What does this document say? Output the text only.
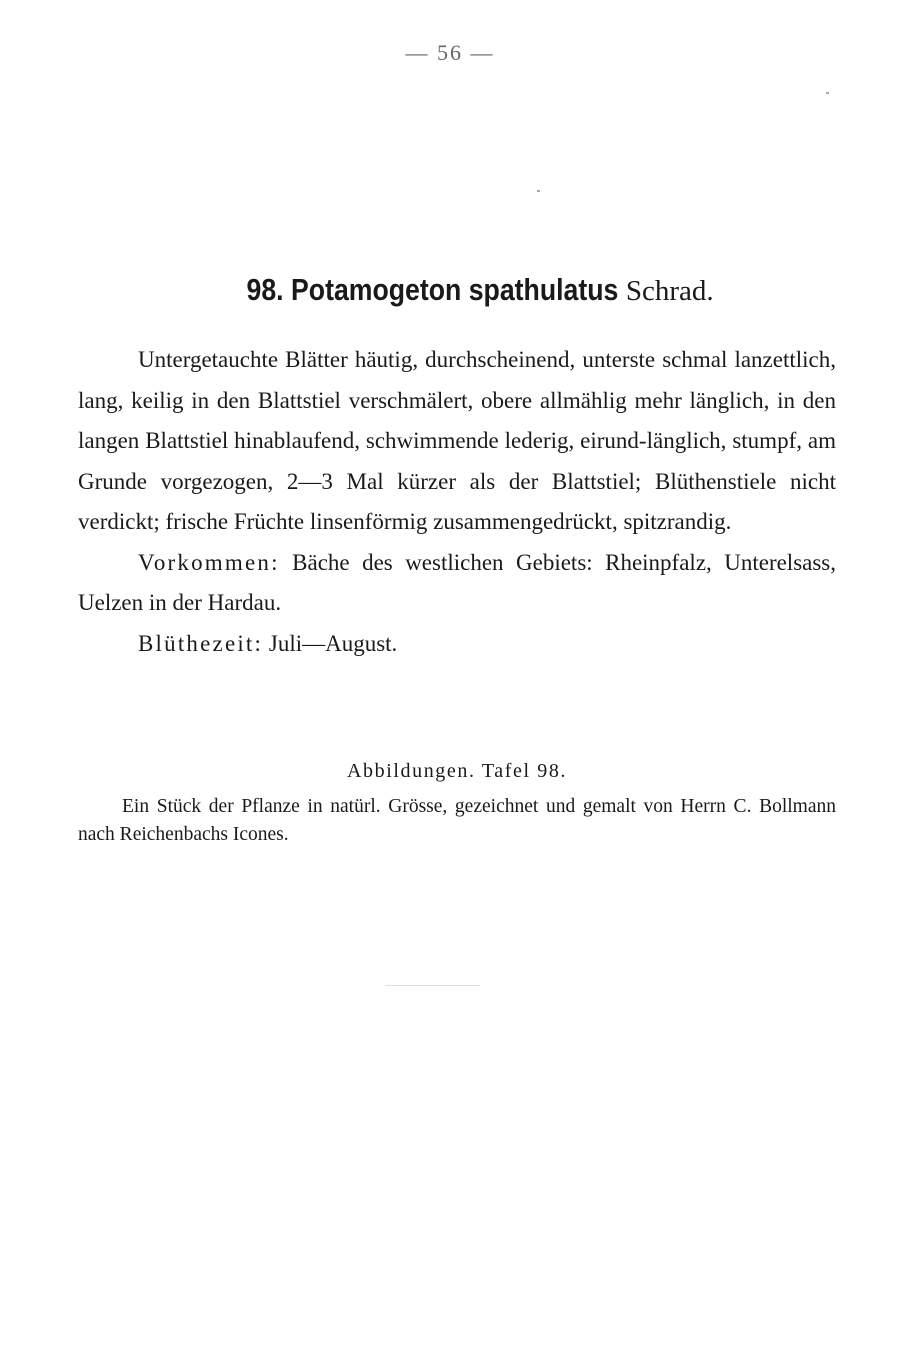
— 56 —
98. Potamogeton spathulatus Schrad.

Untergetauchte Blätter häutig, durchscheinend, unterste schmal lanzettlich, lang, keilig in den Blattstiel verschmälert, obere allmählig mehr länglich, in den langen Blattstiel hinablaufend, schwimmende lederig, eirund-länglich, stumpf, am Grunde vorgezogen, 2—3 Mal kürzer als der Blattstiel; Blüthenstiele nicht verdickt; frische Früchte linsenförmig zusammengedrückt, spitzrandig.

Vorkommen: Bäche des westlichen Gebiets: Rheinpfalz, Unterelsass, Uelzen in der Hardau.

Blüthezeit: Juli—August.

Abbildungen. Tafel 98.

Ein Stück der Pflanze in natürl. Grösse, gezeichnet und gemalt von Herrn C. Bollmann nach Reichenbachs Icones.
